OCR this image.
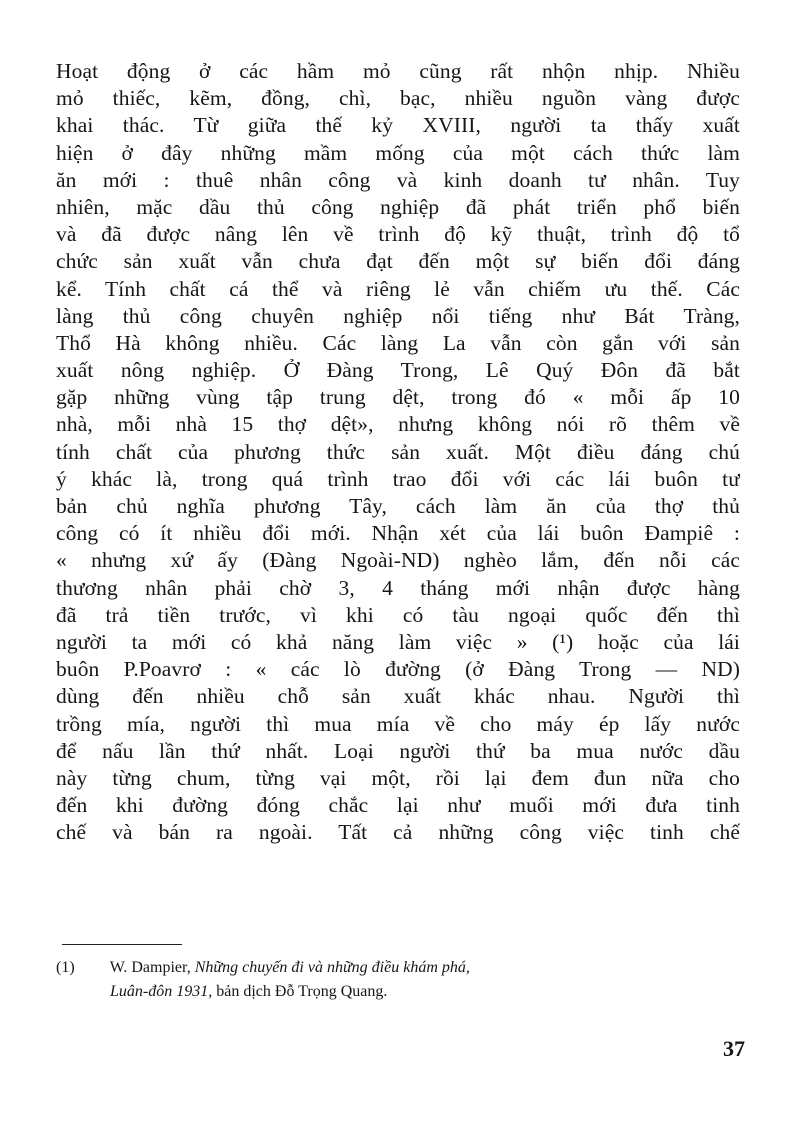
Hoạt động ở các hầm mỏ cũng rất nhộn nhịp. Nhiều
mỏ thiếc, kẽm, đồng, chì, bạc, nhiều nguồn vàng được
khai thác. Từ giữa thế kỷ XVIII, người ta thấy xuất
hiện ở đây những mầm mống của một cách thức làm
ăn mới : thuê nhân công và kinh doanh tư nhân. Tuy
nhiên, mặc dầu thủ công nghiệp đã phát triển phổ biến
và đã được nâng lên về trình độ kỹ thuật, trình độ tổ
chức sản xuất vẫn chưa đạt đến một sự biến đổi đáng
kể. Tính chất cá thể và riêng lẻ vẫn chiếm ưu thế. Các
làng thủ công chuyên nghiệp nổi tiếng như Bát Tràng,
Thổ Hà không nhiều. Các làng La vẫn còn gắn với sản
xuất nông nghiệp. Ở Đàng Trong, Lê Quý Đôn đã bắt
gặp những vùng tập trung dệt, trong đó « mỗi ấp 10
nhà, mỗi nhà 15 thợ dệt», nhưng không nói rõ thêm về
tính chất của phương thức sản xuất. Một điều đáng chú
ý khác là, trong quá trình trao đổi với các lái buôn tư
bản chủ nghĩa phương Tây, cách làm ăn của thợ thủ
công có ít nhiều đổi mới. Nhận xét của lái buôn Đampiê :
« nhưng xứ ấy (Đàng Ngoài-ND) nghèo lắm, đến nỗi các
thương nhân phải chờ 3, 4 tháng mới nhận được hàng
đã trả tiền trước, vì khi có tàu ngoại quốc đến thì
người ta mới có khả năng làm việc » (¹) hoặc của lái
buôn P.Poavrơ : « các lò đường (ở Đàng Trong — ND)
dùng đến nhiều chỗ sản xuất khác nhau. Người thì
trồng mía, người thì mua mía về cho máy ép lấy nước
để nấu lần thứ nhất. Loại người thứ ba mua nước dầu
này từng chum, từng vại một, rồi lại đem đun nữa cho
đến khi đường đóng chắc lại như muối mới đưa tinh
chế và bán ra ngoài. Tất cả những công việc tinh chế
(1) W. Dampier, Những chuyến đi và những điều khám phá,
Luân-đôn 1931, bản dịch Đỗ Trọng Quang.
37
